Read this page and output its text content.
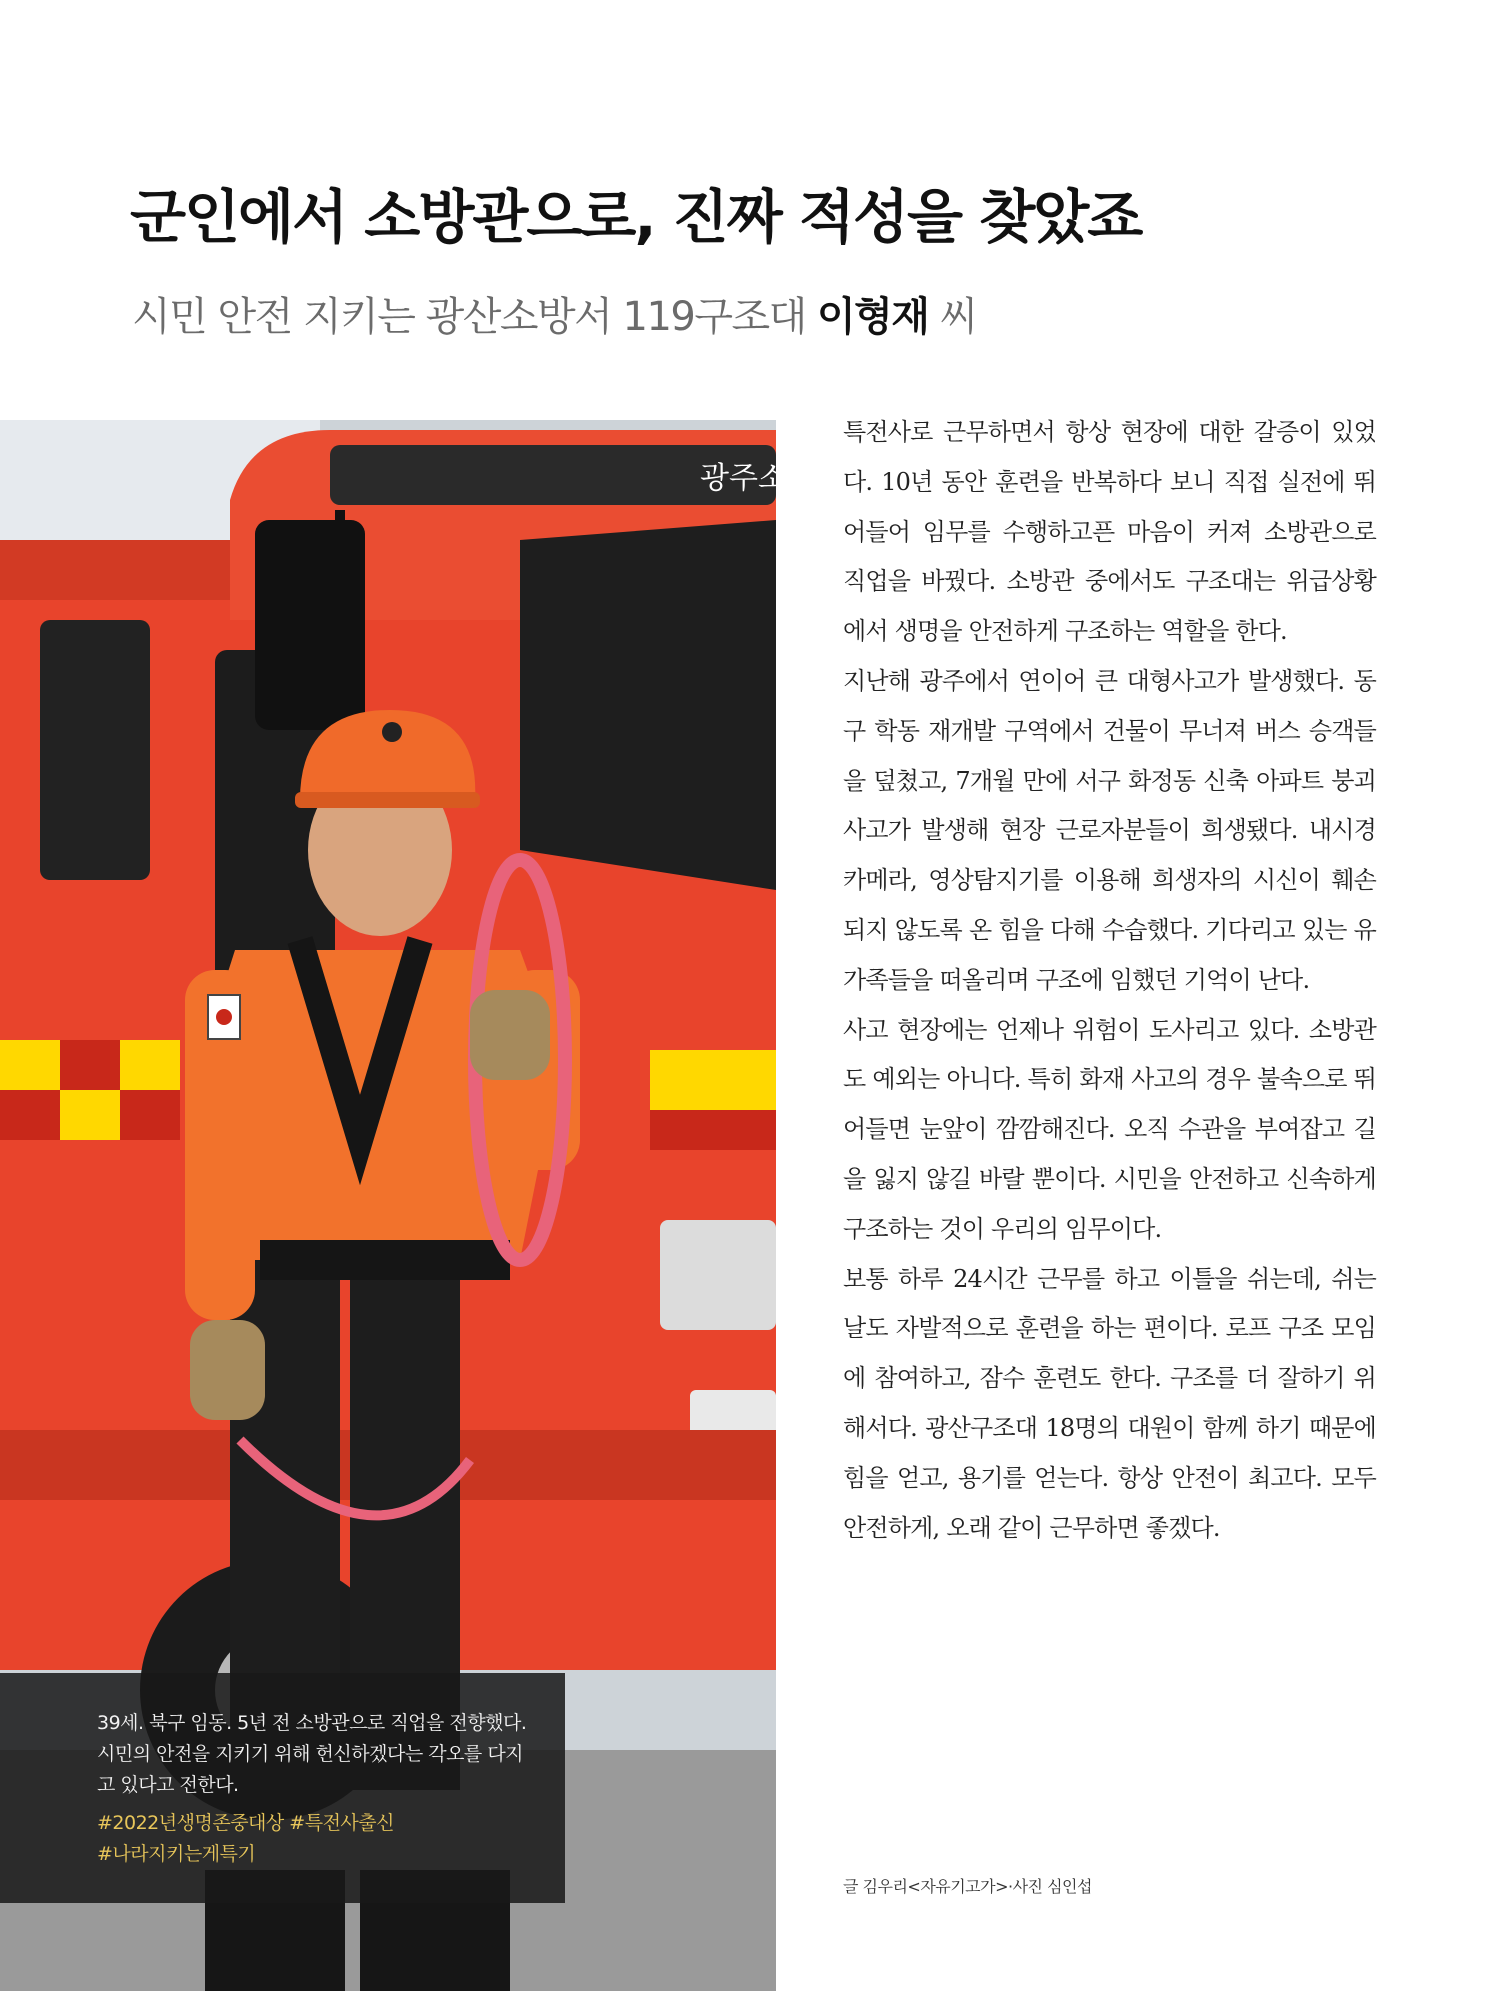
군인에서 소방관으로, 진짜 적성을 찾았죠
시민 안전 지키는 광산소방서 119구조대 이형재 씨
광주소
39세. 북구 임동. 5년 전 소방관으로 직업을 전향했다. 시민의 안전을 지키기 위해 헌신하겠다는 각오를 다지고 있다고 전한다.
#2022년생명존중대상 #특전사출신
#나라지키는게특기

특전사로 근무하면서 항상 현장에 대한 갈증이 있었다. 10년 동안 훈련을 반복하다 보니 직접 실전에 뛰어들어 임무를 수행하고픈 마음이 커져 소방관으로 직업을 바꿨다. 소방관 중에서도 구조대는 위급상황에서 생명을 안전하게 구조하는 역할을 한다.

지난해 광주에서 연이어 큰 대형사고가 발생했다. 동구 학동 재개발 구역에서 건물이 무너져 버스 승객들을 덮쳤고, 7개월 만에 서구 화정동 신축 아파트 붕괴사고가 발생해 현장 근로자분들이 희생됐다. 내시경 카메라, 영상탐지기를 이용해 희생자의 시신이 훼손되지 않도록 온 힘을 다해 수습했다. 기다리고 있는 유가족들을 떠올리며 구조에 임했던 기억이 난다.

사고 현장에는 언제나 위험이 도사리고 있다. 소방관도 예외는 아니다. 특히 화재 사고의 경우 불속으로 뛰어들면 눈앞이 깜깜해진다. 오직 수관을 부여잡고 길을 잃지 않길 바랄 뿐이다. 시민을 안전하고 신속하게 구조하는 것이 우리의 임무이다.

보통 하루 24시간 근무를 하고 이틀을 쉬는데, 쉬는 날도 자발적으로 훈련을 하는 편이다. 로프 구조 모임에 참여하고, 잠수 훈련도 한다. 구조를 더 잘하기 위해서다. 광산구조대 18명의 대원이 함께 하기 때문에 힘을 얻고, 용기를 얻는다. 항상 안전이 최고다. 모두 안전하게, 오래 같이 근무하면 좋겠다.

글 김우리<자유기고가>·사진 심인섭
